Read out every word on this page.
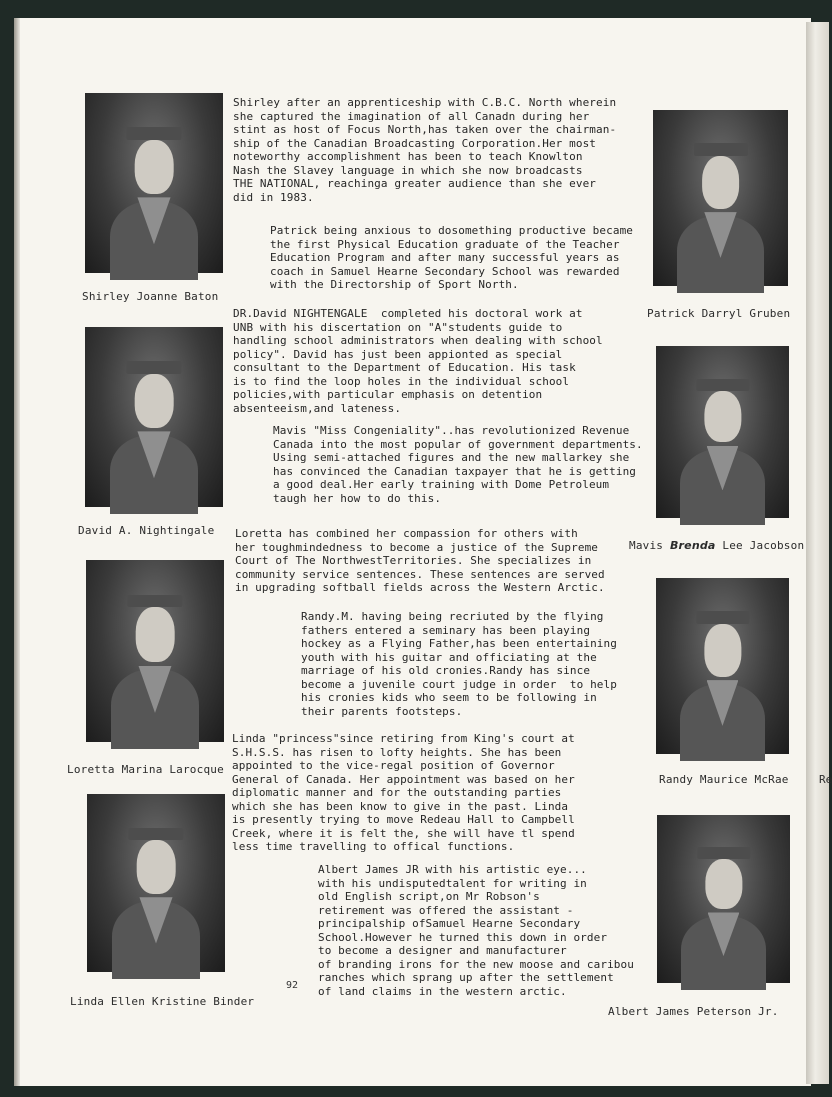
Shirley Joanne Baton
David A. Nightingale
Loretta Marina Larocque
Linda Ellen Kristine Binder
Patrick Darryl Gruben
Mavis Brenda Lee Jacobson
Randy Maurice McRae	Re
Albert James Peterson Jr.
Shirley after an apprenticeship with C.B.C. North wherein
she captured the imagination of all Canadn during her
stint as host of Focus North,has taken over the chairman-
ship of the Canadian Broadcasting Corporation.Her most
noteworthy accomplishment has been to teach Knowlton
Nash the Slavey language in which she now broadcasts
THE NATIONAL, reachinga greater audience than she ever
did in 1983.
Patrick being anxious to dosomething productive became
the first Physical Education graduate of the Teacher
Education Program and after many successful years as
coach in Samuel Hearne Secondary School was rewarded
with the Directorship of Sport North.
DR.David NIGHTENGALE  completed his doctoral work at
UNB with his discertation on "A"students guide to
handling school administrators when dealing with school
policy". David has just been appionted as special
consultant to the Department of Education. His task
is to find the loop holes in the individual school
policies,with particular emphasis on detention
absenteeism,and lateness.
Mavis "Miss Congeniality"..has revolutionized Revenue
Canada into the most popular of government departments.
Using semi-attached figures and the new mallarkey she
has convinced the Canadian taxpayer that he is getting
a good deal.Her early training with Dome Petroleum
taugh her how to do this.
Loretta has combined her compassion for others with
her toughmindedness to become a justice of the Supreme
Court of The NorthwestTerritories. She specializes in
community service sentences. These sentences are served
in upgrading softball fields across the Western Arctic.
Randy.M. having being recriuted by the flying
fathers entered a seminary has been playing
hockey as a Flying Father,has been entertaining
youth with his guitar and officiating at the
marriage of his old cronies.Randy has since
become a juvenile court judge in order  to help
his cronies kids who seem to be following in
their parents footsteps.
Linda "princess"since retiring from King's court at
S.H.S.S. has risen to lofty heights. She has been
appointed to the vice-regal position of Governor
General of Canada. Her appointment was based on her
diplomatic manner and for the outstanding parties
which she has been know to give in the past. Linda
is presently trying to move Redeau Hall to Campbell
Creek, where it is felt the, she will have tl spend
less time travelling to offical functions.
Albert James JR with his artistic eye...
with his undisputedtalent for writing in
old English script,on Mr Robson's
retirement was offered the assistant -
principalship ofSamuel Hearne Secondary
School.However he turned this down in order
to become a designer and manufacturer
of branding irons for the new moose and caribou
ranches which sprang up after the settlement
of land claims in the western arctic.
92
